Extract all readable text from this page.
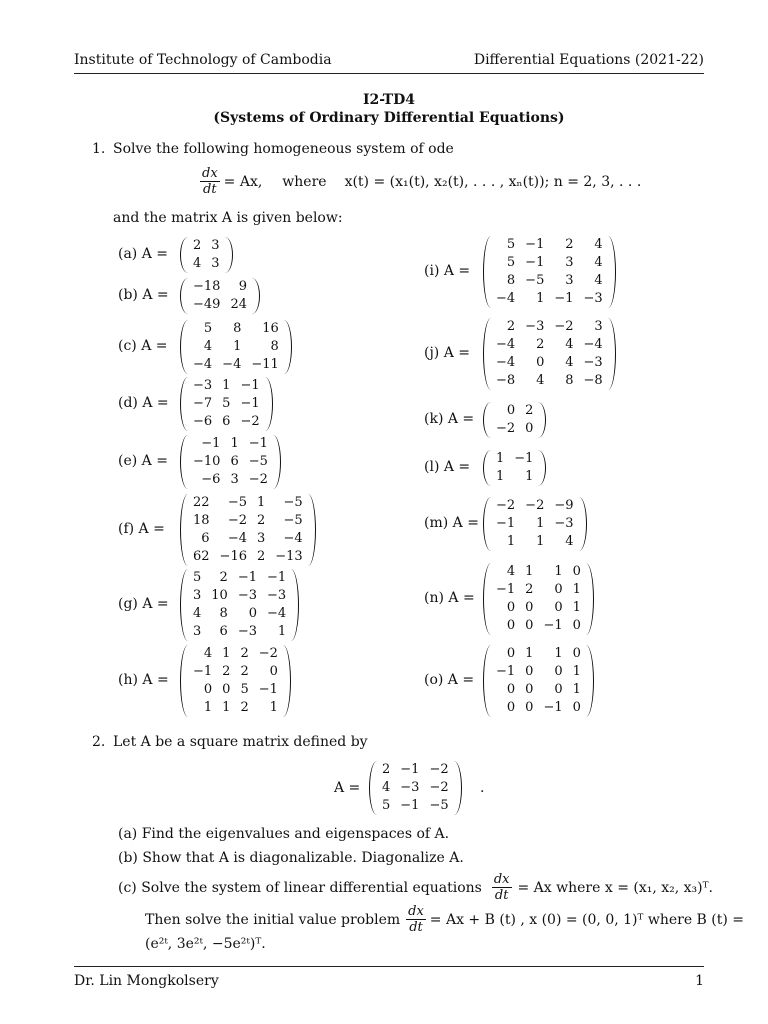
Institute of Technology of Cambodia	Differential Equations (2021-22)
I2-TD4
(Systems of Ordinary Differential Equations)
1. Solve the following homogeneous system of ode
$\frac{dx}{dt} = Ax$, where x(t) = (x₁(t), x₂(t), . . . , xₙ(t)); n = 2, 3, . . .
and the matrix A is given below:
2. Let A be a square matrix defined by
A =
2	−1	−2
4	−3	−2
5	−1	−5
.
(a) Find the eigenvalues and eigenspaces of A.
(b) Show that A is diagonalizable. Diagonalize A.
(c) Solve the system of linear differential equations $\frac{dx}{dt} = Ax$ where x = (x₁, x₂, x₃)ᵀ.
Then solve the initial value problem $\frac{dx}{dt} = Ax + B$ (t) , x (0) = (0, 0, 1)ᵀ where B (t) =
(e²ᵗ, 3e²ᵗ, −5e²ᵗ)ᵀ.
Dr. Lin Mongkolsery	1
(a) A =
2	3
4	3
(b) A =
−18	9
−49	24
(c) A =
5	8	16
4	1	8
−4	−4	−11
(d) A =
−3	1	−1
−7	5	−1
−6	6	−2
(e) A =
−1	1	−1
−10	6	−5
−6	3	−2
(f) A =
22	−5	1	−5
18	−2	2	−5
6	−4	3	−4
62	−16	2	−13
(g) A =
5	2	−1	−1
3	10	−3	−3
4	8	0	−4
3	6	−3	1
(h) A =
4	1	2	−2
−1	2	2	0
0	0	5	−1
1	1	2	1
(i) A =
5	−1	2	4
5	−1	3	4
8	−5	3	4
−4	1	−1	−3
(j) A =
2	−3	−2	3
−4	2	4	−4
−4	0	4	−3
−8	4	8	−8
(k) A =
0	2
−2	0
(l) A =
1	−1
1	1
(m) A =
−2	−2	−9
−1	1	−3
1	1	4
(n) A =
4	1	1	0
−1	2	0	1
0	0	0	1
0	0	−1	0
(o) A =
0	1	1	0
−1	0	0	1
0	0	0	1
0	0	−1	0
